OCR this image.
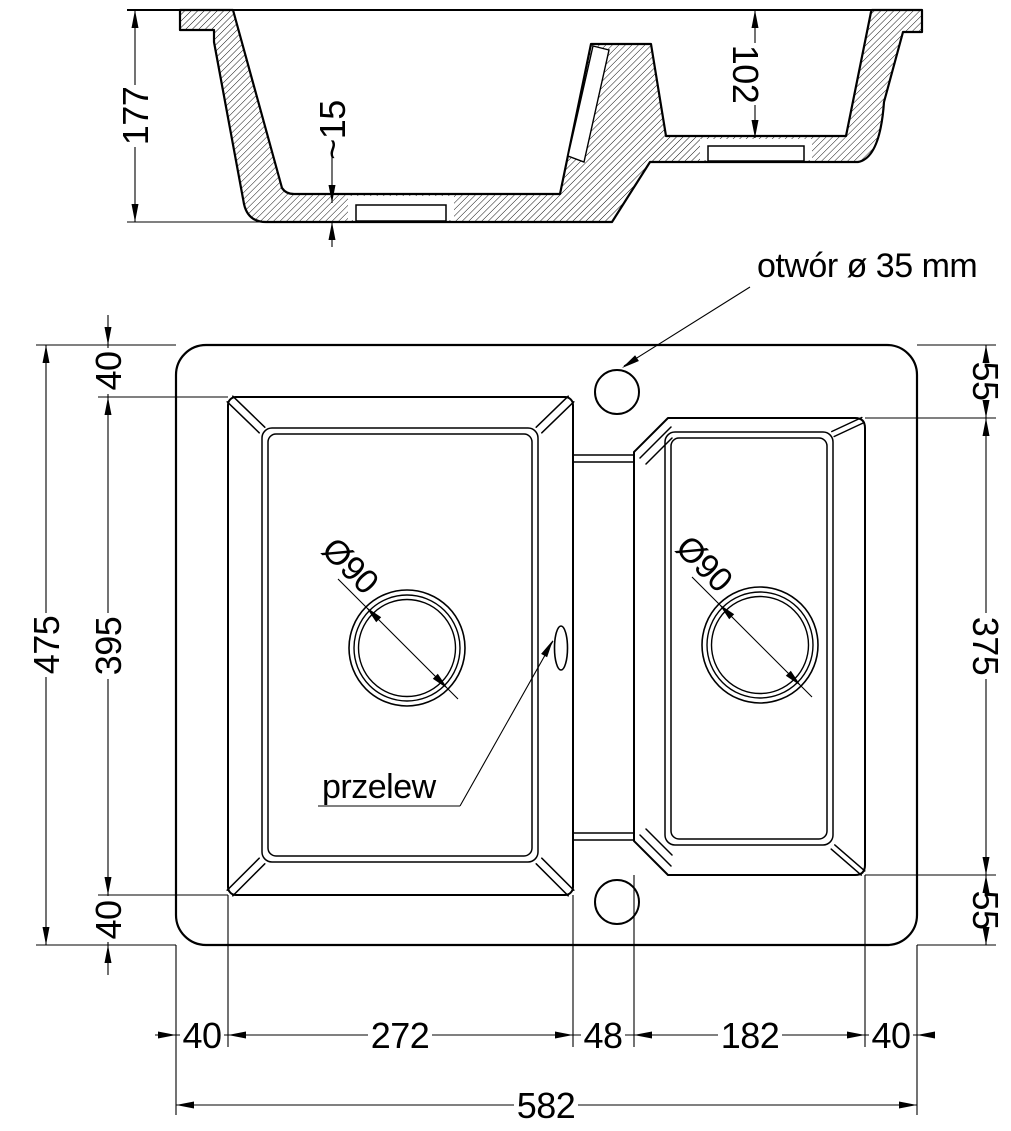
177	~15
102
475
40
395
40
55
375
55
40	272	48	182	40
582
otwór ø 35 mm
przelew
Ø90	Ø90
